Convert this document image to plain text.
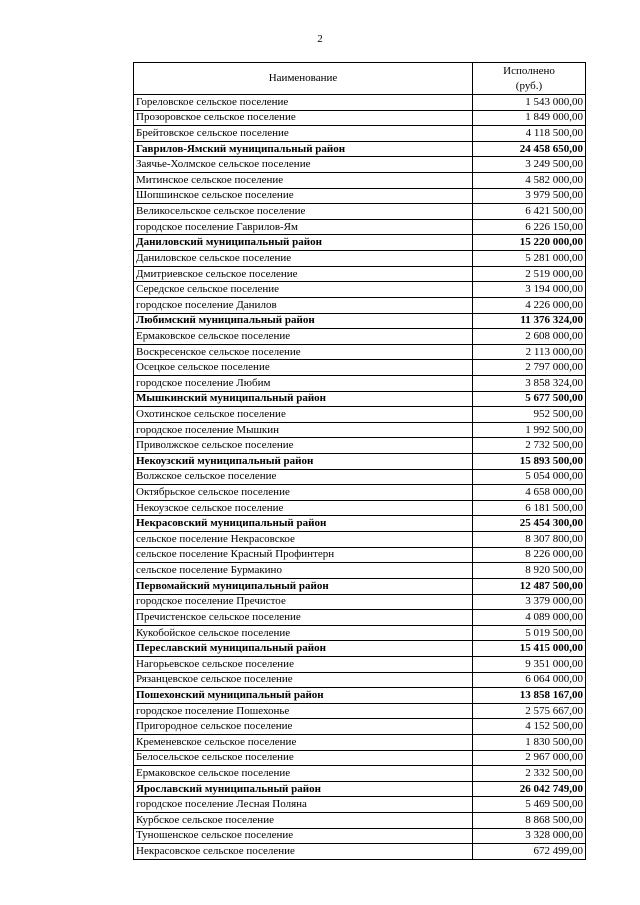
2
Наименование	Исполнено
(руб.)

Гореловское сельское поселение	1 543 000,00
Прозоровское сельское поселение	1 849 000,00
Брейтовское сельское поселение	4 118 500,00
Гаврилов-Ямский муниципальный район	24 458 650,00
Заячье-Холмское сельское поселение	3 249 500,00
Митинское сельское поселение	4 582 000,00
Шопшинское сельское поселение	3 979 500,00
Великосельское сельское поселение	6 421 500,00
городское поселение Гаврилов-Ям	6 226 150,00
Даниловский муниципальный район	15 220 000,00
Даниловское сельское поселение	5 281 000,00
Дмитриевское сельское поселение	2 519 000,00
Середское сельское поселение	3 194 000,00
городское поселение Данилов	4 226 000,00
Любимский муниципальный район	11 376 324,00
Ермаковское сельское поселение	2 608 000,00
Воскресенское сельское поселение	2 113 000,00
Осецкое сельское поселение	2 797 000,00
городское поселение Любим	3 858 324,00
Мышкинский муниципальный район	5 677 500,00
Охотинское сельское поселение	952 500,00
городское поселение Мышкин	1 992 500,00
Приволжское сельское поселение	2 732 500,00
Некоузский муниципальный район	15 893 500,00
Волжское сельское поселение	5 054 000,00
Октябрьское сельское поселение	4 658 000,00
Некоузское сельское поселение	6 181 500,00
Некрасовский муниципальный район	25 454 300,00
сельское поселение Некрасовское	8 307 800,00
сельское поселение Красный Профинтерн	8 226 000,00
сельское поселение Бурмакино	8 920 500,00
Первомайский муниципальный район	12 487 500,00
городское поселение Пречистое	3 379 000,00
Пречистенское сельское поселение	4 089 000,00
Кукобойское сельское поселение	5 019 500,00
Переславский муниципальный район	15 415 000,00
Нагорьевское сельское поселение	9 351 000,00
Рязанцевское сельское поселение	6 064 000,00
Пошехонский муниципальный район	13 858 167,00
городское поселение Пошехонье	2 575 667,00
Пригородное сельское поселение	4 152 500,00
Кременевское сельское поселение	1 830 500,00
Белосельское сельское поселение	2 967 000,00
Ермаковское сельское поселение	2 332 500,00
Ярославский муниципальный район	26 042 749,00
городское поселение Лесная Поляна	5 469 500,00
Курбское сельское поселение	8 868 500,00
Туношенское сельское поселение	3 328 000,00
Некрасовское сельское поселение	672 499,00
